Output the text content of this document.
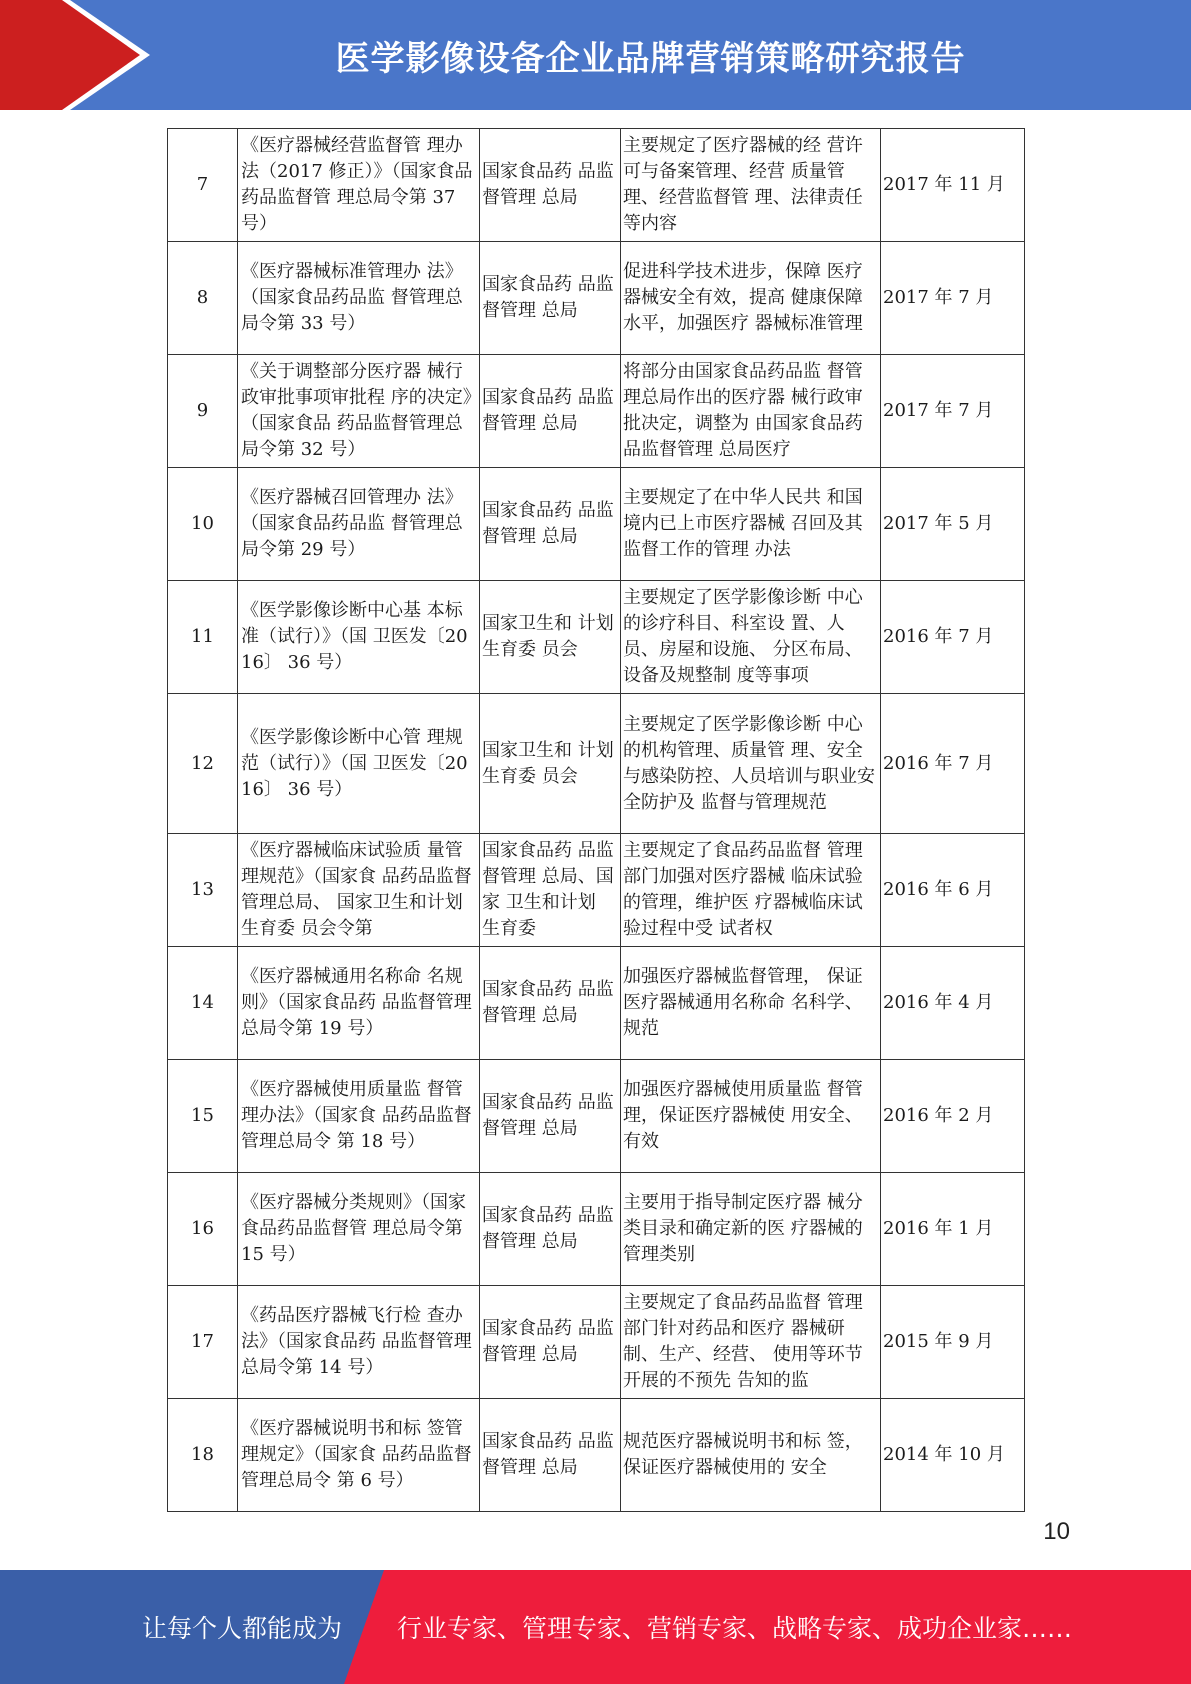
医学影像设备企业品牌营销策略研究报告
7	《医疗器械经营监督管 理办法（2017 修正）》（国家食品药品监督管 理总局令第 37 号）	国家食品药 品监督管理 总局	主要规定了医疗器械的经 营许可与备案管理、经营 质量管理、经营监督管 理、法律责任等内容	2017 年 11 月

8	《医疗器械标准管理办 法》（国家食品药品监 督管理总局令第 33 号）	国家食品药 品监督管理 总局	促进科学技术进步，保障 医疗器械安全有效，提高 健康保障水平，加强医疗 器械标准管理	2017 年 7 月

9	《关于调整部分医疗器 械行政审批事项审批程 序的决定》（国家食品 药品监督管理总局令第 32 号）	国家食品药 品监督管理 总局	将部分由国家食品药品监 督管理总局作出的医疗器 械行政审批决定，调整为 由国家食品药品监督管理 总局医疗	2017 年 7 月

10	《医疗器械召回管理办 法》（国家食品药品监 督管理总局令第 29 号）	国家食品药 品监督管理 总局	主要规定了在中华人民共 和国境内已上市医疗器械 召回及其监督工作的管理 办法	2017 年 5 月

11	《医学影像诊断中心基 本标准（试行）》（国 卫医发〔2016〕 36 号）	国家卫生和 计划生育委 员会	主要规定了医学影像诊断 中心的诊疗科目、科室设 置、人员、房屋和设施、 分区布局、设备及规整制 度等事项	2016 年 7 月

12	《医学影像诊断中心管 理规范（试行）》（国 卫医发〔2016〕 36 号）	国家卫生和 计划生育委 员会	主要规定了医学影像诊断 中心的机构管理、质量管 理、安全与感染防控、人员培训与职业安全防护及 监督与管理规范	2016 年 7 月

13	《医疗器械临床试验质 量管理规范》（国家食 品药品监督管理总局、 国家卫生和计划生育委 员会令第	国家食品药 品监督管理 总局、国家 卫生和计划 生育委	主要规定了食品药品监督 管理部门加强对医疗器械 临床试验的管理，维护医 疗器械临床试验过程中受 试者权	2016 年 6 月

14	《医疗器械通用名称命 名规则》（国家食品药 品监督管理总局令第 19 号）	国家食品药 品监督管理 总局	加强医疗器械监督管理， 保证医疗器械通用名称命 名科学、规范	2016 年 4 月

15	《医疗器械使用质量监 督管理办法》（国家食 品药品监督管理总局令 第 18 号）	国家食品药 品监督管理 总局	加强医疗器械使用质量监 督管理，保证医疗器械使 用安全、有效	2016 年 2 月

16	《医疗器械分类规则》（国家食品药品监督管 理总局令第 15 号）	国家食品药 品监督管理 总局	主要用于指导制定医疗器 械分类目录和确定新的医 疗器械的管理类别	2016 年 1 月

17	《药品医疗器械飞行检 查办法》（国家食品药 品监督管理总局令第 14 号）	国家食品药 品监督管理 总局	主要规定了食品药品监督 管理部门针对药品和医疗 器械研制、生产、经营、 使用等环节开展的不预先 告知的监	2015 年 9 月

18	《医疗器械说明书和标 签管理规定》（国家食 品药品监督管理总局令 第 6 号）	国家食品药 品监督管理 总局	规范医疗器械说明书和标 签，保证医疗器械使用的 安全	2014 年 10 月
10
让每个人都能成为 行业专家、管理专家、营销专家、战略专家、成功企业家……
